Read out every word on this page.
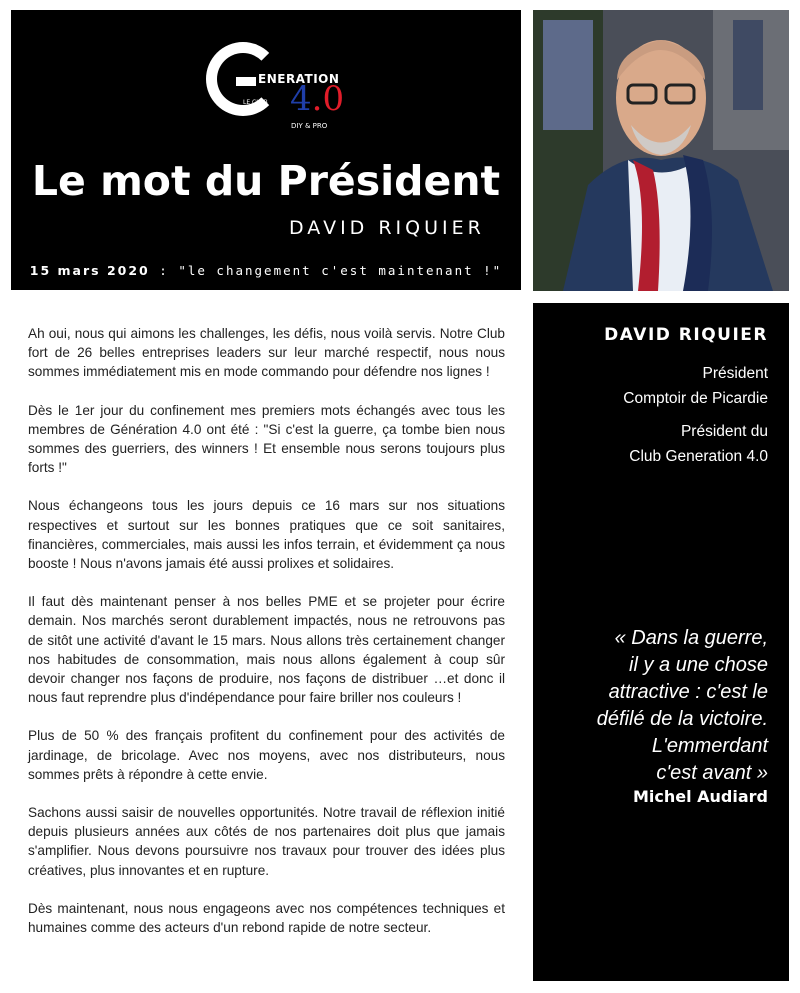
ENERATION
LE CLUB 4.0
DIY & PRO
Le mot du Président
DAVID RIQUIER
15 mars 2020 : "le changement c'est maintenant !"

Ah oui, nous qui aimons les challenges, les défis, nous voilà servis. Notre Club fort de 26 belles entreprises leaders sur leur marché respectif, nous nous sommes immédiatement mis en mode commando pour défendre nos lignes !

Dès le 1er jour du confinement mes premiers mots échangés avec tous les membres de Génération 4.0 ont été : "Si c'est la guerre, ça tombe bien nous sommes des guerriers, des winners ! Et ensemble nous serons toujours plus forts !"

Nous échangeons tous les jours depuis ce 16 mars sur nos situations respectives et surtout sur les bonnes pratiques que ce soit sanitaires, financières, commerciales, mais aussi les infos terrain, et évidemment ça nous booste ! Nous n'avons jamais été aussi prolixes et solidaires.

Il faut dès maintenant penser à nos belles PME et se projeter pour écrire demain. Nos marchés seront durablement impactés, nous ne retrouvons pas de sitôt une activité d'avant le 15 mars. Nous allons très certainement changer nos habitudes de consommation, mais nous allons également à coup sûr devoir changer nos façons de produire, nos façons de distribuer …et donc il nous faut reprendre plus d'indépendance pour faire briller nos couleurs !

Plus de 50 % des français profitent du confinement pour des activités de jardinage, de bricolage. Avec nos moyens, avec nos distributeurs, nous sommes prêts à répondre à cette envie.

Sachons aussi saisir de nouvelles opportunités. Notre travail de réflexion initié depuis plusieurs années aux côtés de nos partenaires doit plus que jamais s'amplifier. Nous devons poursuivre nos travaux pour trouver des idées plus créatives, plus innovantes et en rupture.

Dès maintenant, nous nous engageons avec nos compétences techniques et humaines comme des acteurs d'un rebond rapide de notre secteur.

DAVID RIQUIER
Président
Comptoir de Picardie
Président du
Club Generation 4.0
« Dans la guerre,
il y a une chose
attractive : c'est le
défilé de la victoire.
L'emmerdant
c'est avant »
Michel Audiard
